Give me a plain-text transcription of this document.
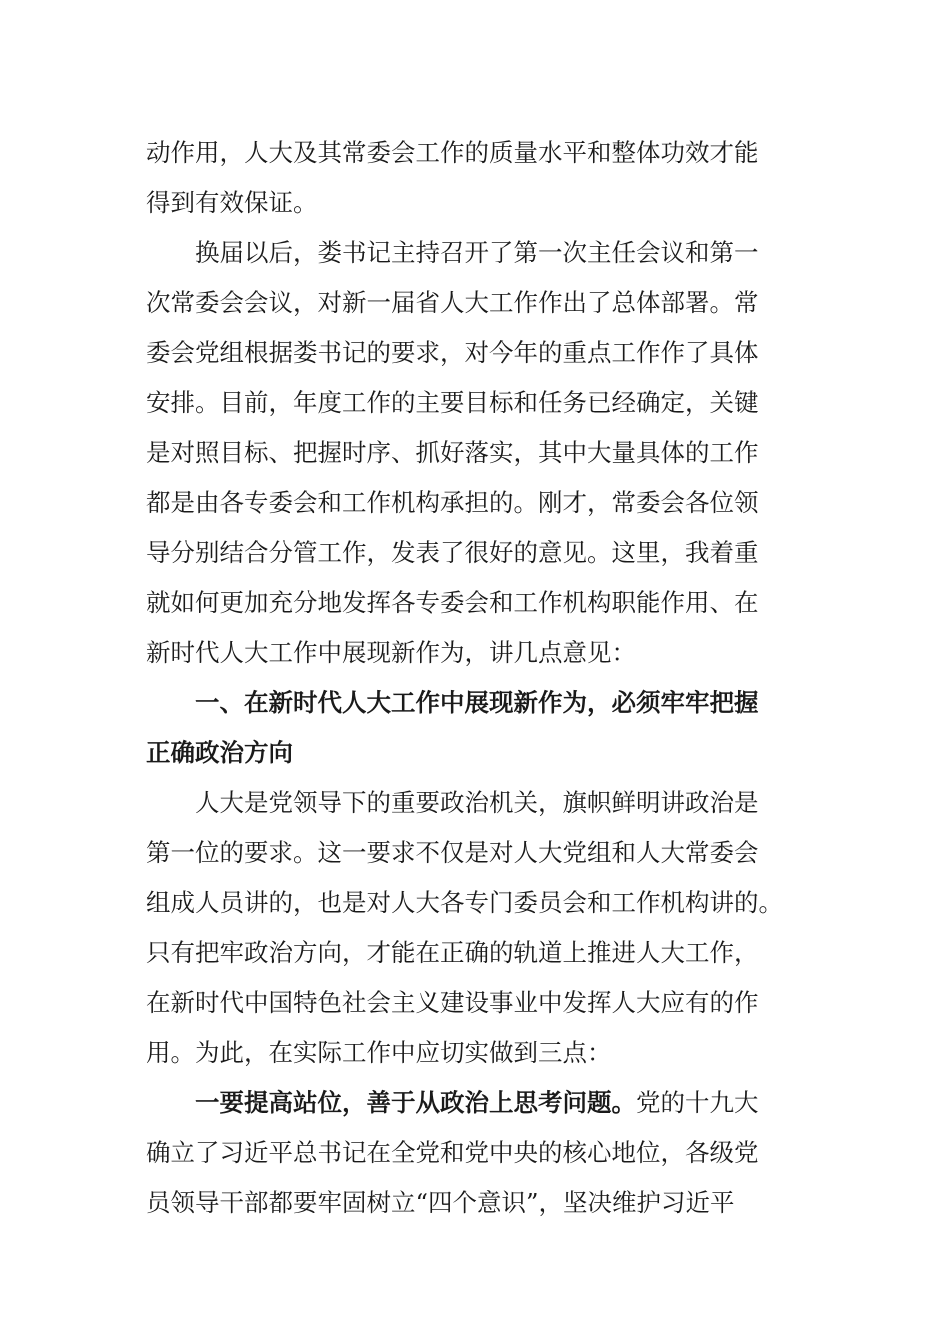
动作用，人大及其常委会工作的质量水平和整体功效才能
得到有效保证。
换届以后，娄书记主持召开了第一次主任会议和第一
次常委会会议，对新一届省人大工作作出了总体部署。常
委会党组根据娄书记的要求，对今年的重点工作作了具体
安排。目前，年度工作的主要目标和任务已经确定，关键
是对照目标、把握时序、抓好落实，其中大量具体的工作
都是由各专委会和工作机构承担的。刚才，常委会各位领
导分别结合分管工作，发表了很好的意见。这里，我着重
就如何更加充分地发挥各专委会和工作机构职能作用、在
新时代人大工作中展现新作为，讲几点意见：
一、在新时代人大工作中展现新作为，必须牢牢把握
正确政治方向
人大是党领导下的重要政治机关，旗帜鲜明讲政治是
第一位的要求。这一要求不仅是对人大党组和人大常委会
组成人员讲的，也是对人大各专门委员会和工作机构讲的。
只有把牢政治方向，才能在正确的轨道上推进人大工作，
在新时代中国特色社会主义建设事业中发挥人大应有的作
用。为此，在实际工作中应切实做到三点：
一要提高站位，善于从政治上思考问题。党的十九大
确立了习近平总书记在全党和党中央的核心地位，各级党
员领导干部都要牢固树立“四个意识”，坚决维护习近平
